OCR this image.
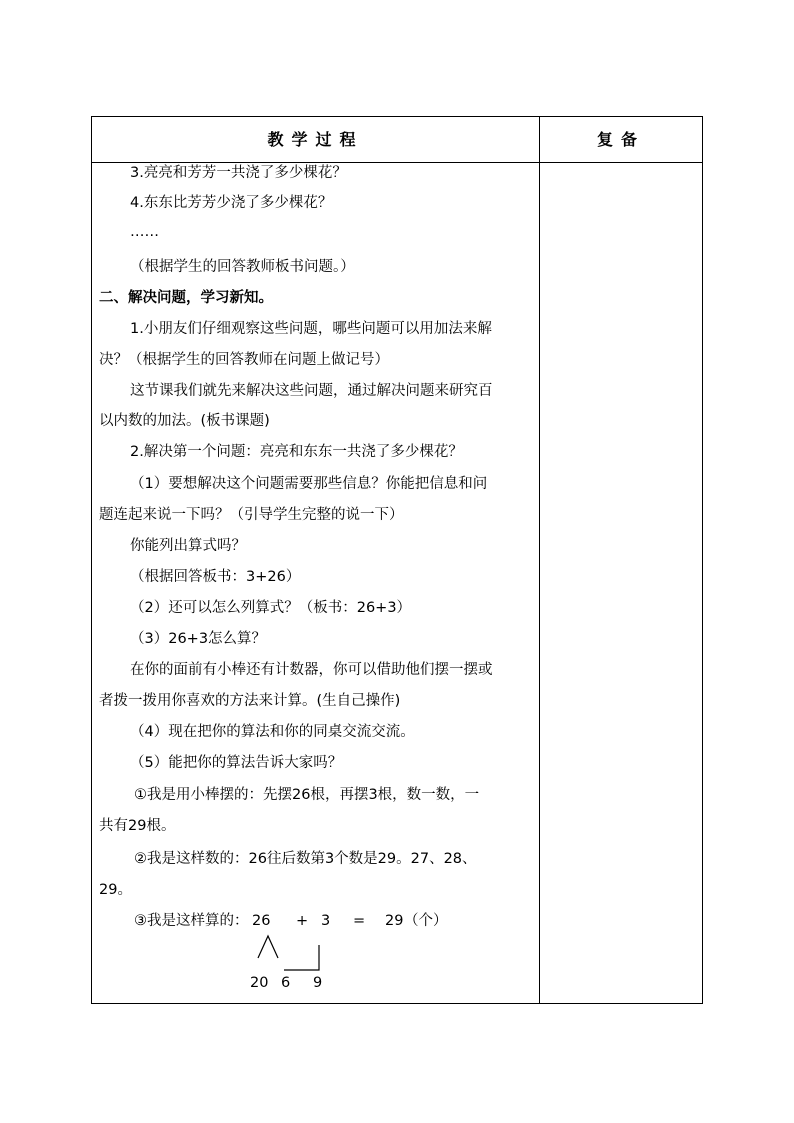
教学过程	复备
3.亮亮和芳芳一共浇了多少棵花？
4.东东比芳芳少浇了多少棵花？
……
（根据学生的回答教师板书问题。）
二、解决问题，学习新知。
1.小朋友们仔细观察这些问题，哪些问题可以用加法来解
决？（根据学生的回答教师在问题上做记号）
这节课我们就先来解决这些问题，通过解决问题来研究百
以内数的加法。(板书课题)
2.解决第一个问题：亮亮和东东一共浇了多少棵花？
（1）要想解决这个问题需要那些信息？你能把信息和问
题连起来说一下吗？（引导学生完整的说一下）
你能列出算式吗？
（根据回答板书：3+26）
（2）还可以怎么列算式？（板书：26+3）
（3）26+3怎么算？
在你的面前有小棒还有计数器，你可以借助他们摆一摆或
者拨一拨用你喜欢的方法来计算。(生自己操作)
（4）现在把你的算法和你的同桌交流交流。
（5）能把你的算法告诉大家吗？
①我是用小棒摆的：先摆26根，再摆3根，数一数，一
共有29根。
②我是这样数的：26往后数第3个数是29。27、28、
29。
③我是这样算的： 26 + 3 = 29 （个）
20 6 9
